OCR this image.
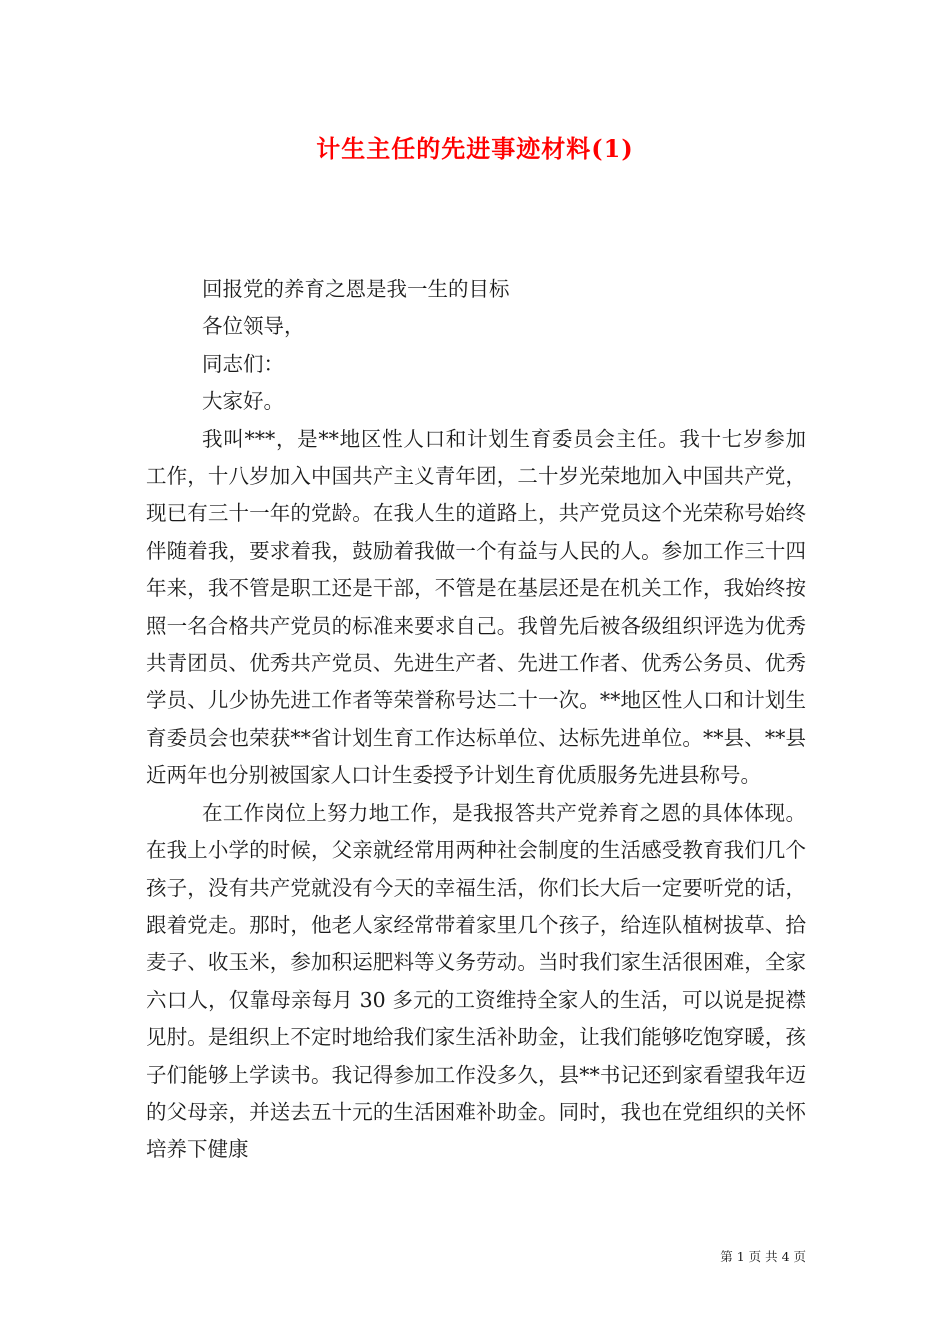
计生主任的先进事迹材料(1)

回报党的养育之恩是我一生的目标

各位领导，

同志们：

大家好。

我叫***，是**地区性人口和计划生育委员会主任。我十七岁参加工作，十八岁加入中国共产主义青年团，二十岁光荣地加入中国共产党，现已有三十一年的党龄。在我人生的道路上，共产党员这个光荣称号始终伴随着我，要求着我，鼓励着我做一个有益与人民的人。参加工作三十四年来，我不管是职工还是干部，不管是在基层还是在机关工作，我始终按照一名合格共产党员的标准来要求自己。我曾先后被各级组织评选为优秀共青团员、优秀共产党员、先进生产者、先进工作者、优秀公务员、优秀学员、儿少协先进工作者等荣誉称号达二十一次。**地区性人口和计划生育委员会也荣获**省计划生育工作达标单位、达标先进单位。**县、**县近两年也分别被国家人口计生委授予计划生育优质服务先进县称号。

在工作岗位上努力地工作，是我报答共产党养育之恩的具体体现。在我上小学的时候，父亲就经常用两种社会制度的生活感受教育我们几个孩子，没有共产党就没有今天的幸福生活，你们长大后一定要听党的话，跟着党走。那时，他老人家经常带着家里几个孩子，给连队植树拔草、拾麦子、收玉米，参加积运肥料等义务劳动。当时我们家生活很困难，全家六口人，仅靠母亲每月 30 多元的工资维持全家人的生活，可以说是捉襟见肘。是组织上不定时地给我们家生活补助金，让我们能够吃饱穿暖，孩子们能够上学读书。我记得参加工作没多久，县**书记还到家看望我年迈的父母亲，并送去五十元的生活困难补助金。同时，我也在党组织的关怀培养下健康

第 1 页 共 4 页
